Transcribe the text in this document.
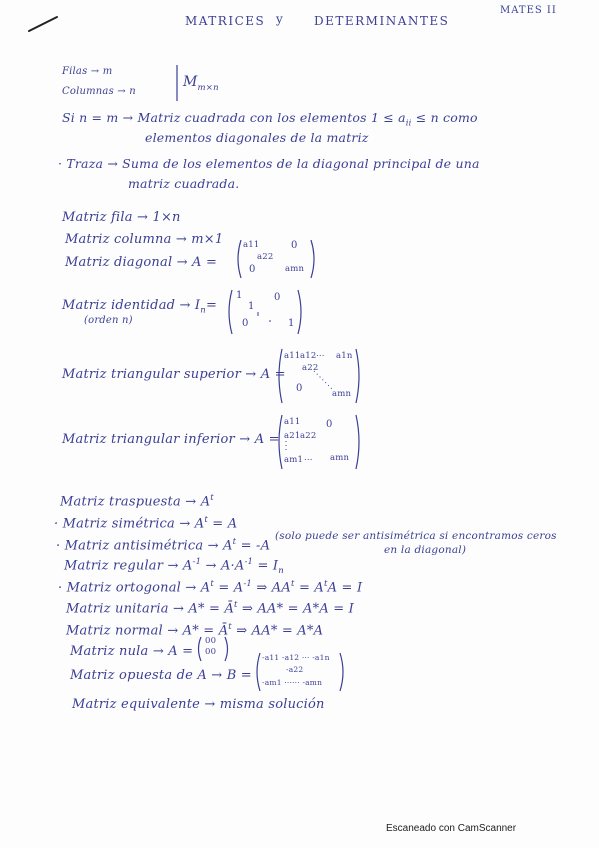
MATRICES y DETERMINANTES
MATES II
Filas → m
Columnas → n
$M_{m\times n}$
Si n = m → Matriz cuadrada con los elementos $1 \le a_{ii} \le n$ como
elementos diagonales de la matriz
· Traza → Suma de los elementos de la diagonal principal de una
matriz cuadrada.
Matriz fila → 1×n
Matriz columna → m×1
Matriz diagonal → A =
a11
a22
amn
0
0
Matriz identidad → $I_n=$
(orden n)
1
1
1
0
0
Matriz triangular superior → A =
a11 a12 ... a1n
a22
0	amn
Matriz triangular inferior → A =
a11	0
a21 a22
am1 ... amn
Matriz traspuesta → $A^t$
· Matriz simétrica → $A^t = A$
· Matriz antisimétrica → $A^t = -A$
(solo puede ser antisimétrica si encontramos ceros
en la diagonal)
Matriz regular → $A^{-1} \to A\cdot A^{-1} = I_n$
· Matriz ortogonal → $A^t = A^{-1}$ ⇒ $AA^t = A^tA = I$
Matriz unitaria → $A* = Ā^t$ ⇒ AA* = A*A = I
Matriz normal → $A* = Ā^t$ ⇒ AA* = A*A
Matriz nula → A =
00
00
Matriz opuesta de A → B =
-a11 -a12 ··· -a1n
-a22
-am1 ······ -amn
Matriz equivalente → misma solución
Escaneado con CamScanner
